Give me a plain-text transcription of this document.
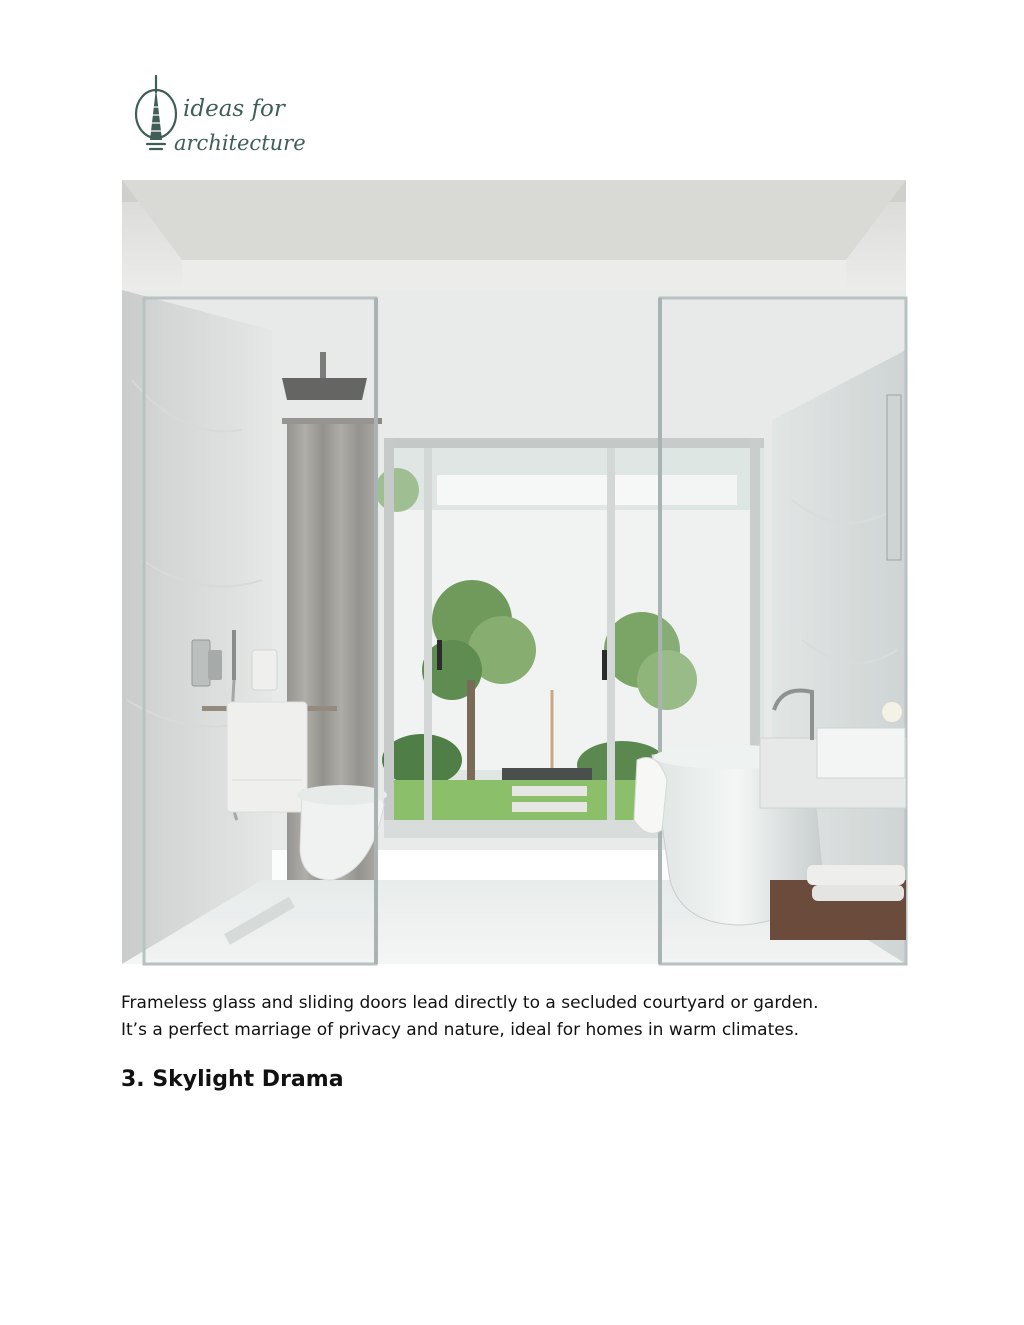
ideas for
architecture

Frameless glass and sliding doors lead directly to a secluded courtyard or garden.
It’s a perfect marriage of privacy and nature, ideal for homes in warm climates.

3. Skylight Drama
